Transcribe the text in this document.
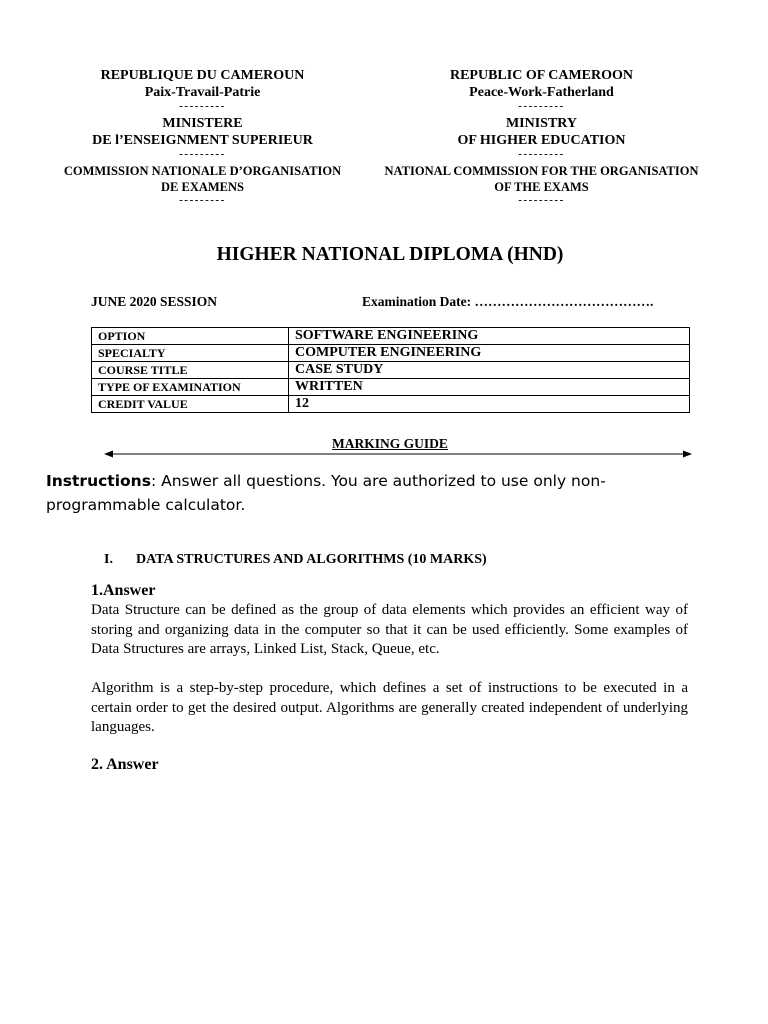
REPUBLIQUE DU CAMEROUN
Paix-Travail-Patrie
---------
MINISTERE
DE l’ENSEIGNMENT SUPERIEUR
---------
COMMISSION NATIONALE D’ORGANISATION
DE EXAMENS
---------
REPUBLIC OF CAMEROON
Peace-Work-Fatherland
---------
MINISTRY
OF HIGHER EDUCATION
---------
NATIONAL COMMISSION FOR THE ORGANISATION
OF THE EXAMS
---------
HIGHER NATIONAL DIPLOMA (HND)
JUNE 2020 SESSION	Examination Date: ………………………………….
OPTION	SOFTWARE ENGINEERING
SPECIALTY	COMPUTER ENGINEERING
COURSE TITLE	CASE STUDY
TYPE OF EXAMINATION	WRITTEN
CREDIT VALUE	12
MARKING GUIDE
Instructions: Answer all questions. You are authorized to use only non-programmable calculator.
I. DATA STRUCTURES AND ALGORITHMS (10 MARKS)
1.Answer
Data Structure can be defined as the group of data elements which provides an efficient way of storing and organizing data in the computer so that it can be used efficiently. Some examples of Data Structures are arrays, Linked List, Stack, Queue, etc.
Algorithm is a step-by-step procedure, which defines a set of instructions to be executed in a certain order to get the desired output. Algorithms are generally created independent of underlying languages.
2. Answer
